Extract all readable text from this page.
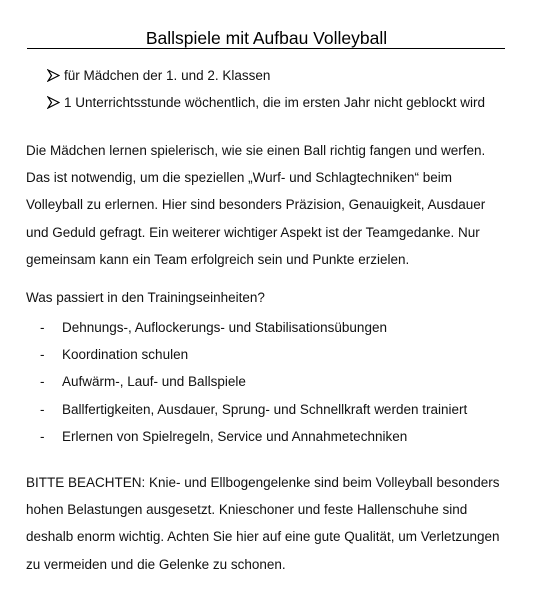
Ballspiele mit Aufbau Volleyball
für Mädchen der 1. und 2. Klassen
1 Unterrichtsstunde wöchentlich, die im ersten Jahr nicht geblockt wird

Die Mädchen lernen spielerisch, wie sie einen Ball richtig fangen und werfen.
Das ist notwendig, um die speziellen „Wurf- und Schlagtechniken“ beim
Volleyball zu erlernen. Hier sind besonders Präzision, Genauigkeit, Ausdauer
und Geduld gefragt. Ein weiterer wichtiger Aspekt ist der Teamgedanke. Nur
gemeinsam kann ein Team erfolgreich sein und Punkte erzielen.

Was passiert in den Trainingseinheiten?
- Dehnungs-, Auflockerungs- und Stabilisationsübungen
- Koordination schulen
- Aufwärm-, Lauf- und Ballspiele
- Ballfertigkeiten, Ausdauer, Sprung- und Schnellkraft werden trainiert
- Erlernen von Spielregeln, Service und Annahmetechniken

BITTE BEACHTEN: Knie- und Ellbogengelenke sind beim Volleyball besonders
hohen Belastungen ausgesetzt. Knieschoner und feste Hallenschuhe sind
deshalb enorm wichtig. Achten Sie hier auf eine gute Qualität, um Verletzungen
zu vermeiden und die Gelenke zu schonen.
